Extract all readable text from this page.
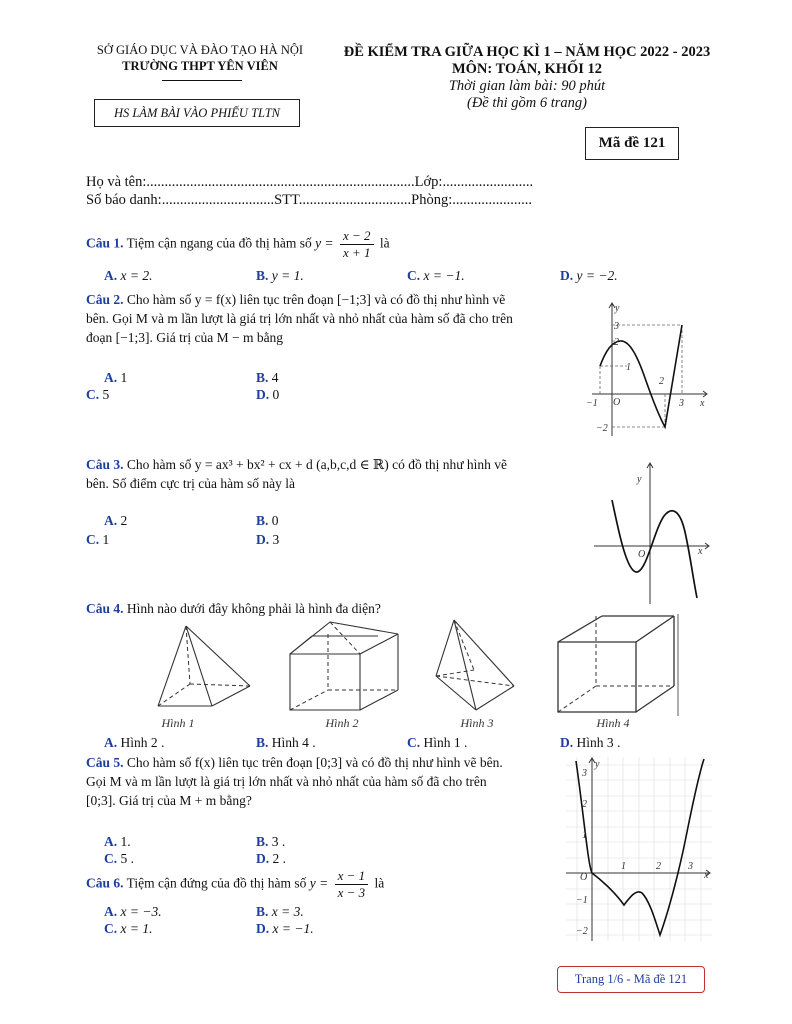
SỞ GIÁO DỤC VÀ ĐÀO TẠO HÀ NỘI
TRƯỜNG THPT YÊN VIÊN
HS LÀM BÀI VÀO PHIẾU TLTN
ĐỀ KIỂM TRA GIỮA HỌC KÌ 1 – NĂM HỌC 2022 - 2023
MÔN: TOÁN, KHỐI 12
Thời gian làm bài: 90 phút
(Đề thi gồm 6 trang)
Mã đề 121
Họ và tên:..........................................................................Lớp:.........................
Số báo danh:...............................STT...............................Phòng:......................
Câu 1. Tiệm cận ngang của đồ thị hàm số $y = \frac{x - 2}{x + 1}$ là
A. x = 2.	B. y = 1.	C. x = −1.	D. y = −2.
Câu 2. Cho hàm số y = f(x) liên tục trên đoạn [−1;3] và có đồ thị như hình vẽ
bên. Gọi M và m lần lượt là giá trị lớn nhất và nhỏ nhất của hàm số đã cho trên
đoạn [−1;3]. Giá trị của M − m bằng
A. 1	B. 4
C. 5	D. 0
y
x
O
3
2
1
−1
−2
2
3
Câu 3. Cho hàm số y = ax³ + bx² + cx + d (a,b,c,d ∈ ℝ) có đồ thị như hình vẽ
bên. Số điểm cực trị của hàm số này là
A. 2	B. 0
C. 1	D. 3
y
x
O
Câu 4. Hình nào dưới đây không phải là hình đa diện?
Hình 1	Hình 2	Hình 3	Hình 4
A. Hình 2 .	B. Hình 4 .	C. Hình 1 .	D. Hình 3 .
Câu 5. Cho hàm số f(x) liên tục trên đoạn [0;3] và có đồ thị như hình vẽ bên.
Gọi M và m lần lượt là giá trị lớn nhất và nhỏ nhất của hàm số đã cho trên
[0;3]. Giá trị của M + m bằng?
A. 1.	B. 3 .
C. 5 .	D. 2 .
y
x
O
3
2
1
−1
−2
1	2	3
Câu 6. Tiệm cận đứng của đồ thị hàm số $y = \frac{x - 1}{x - 3}$ là
A. x = −3.	B. x = 3.
C. x = 1.	D. x = −1.
Trang 1/6 - Mã đề 121
